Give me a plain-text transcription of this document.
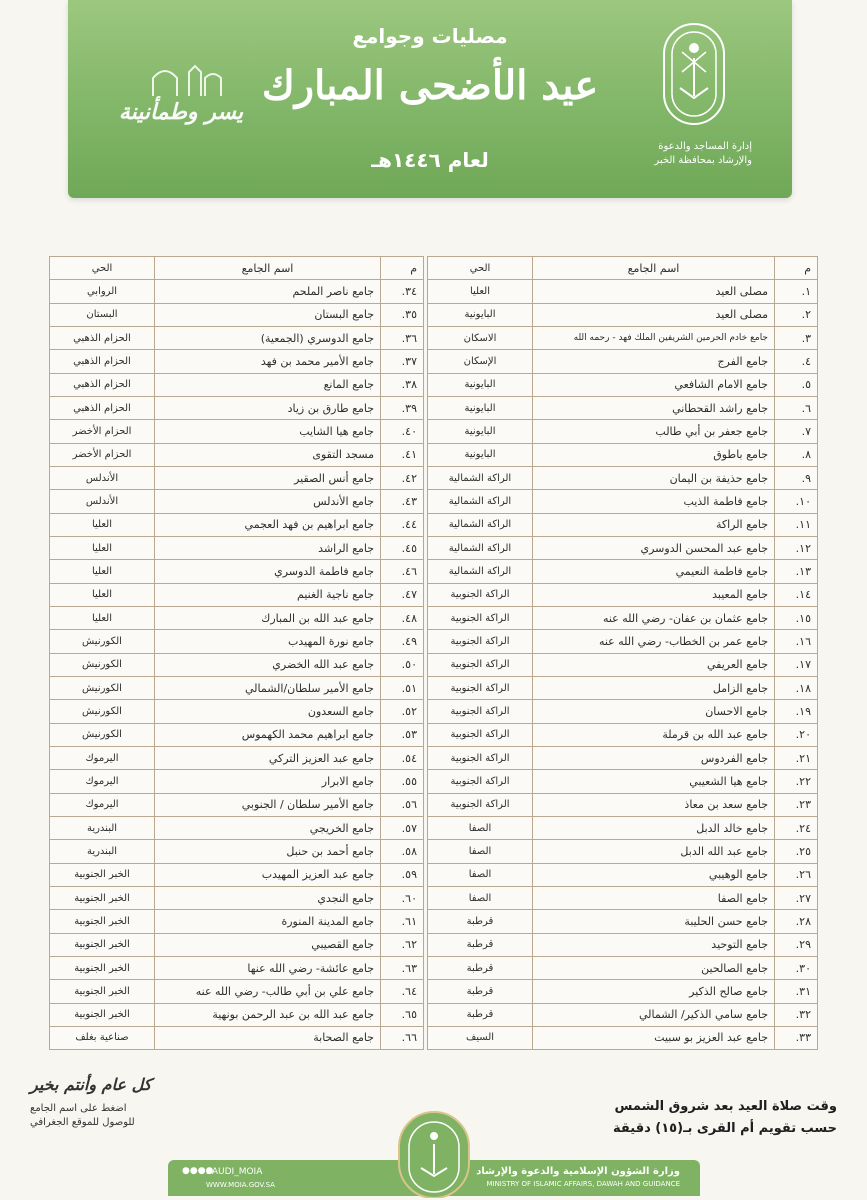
مصليات وجوامع
عيد الأضحى المبارك
لعام ١٤٤٦هـ
يسر وطمأنينة
إدارة المساجد والدعوة والإرشاد بمحافظة الخبر
م	اسم الجامع	الحي
١.	مصلى العيد	العليا
٢.	مصلى العيد	البايونية
٣.	جامع خادم الحرمين الشريفين الملك فهد - رحمه الله	الاسكان
٤.	جامع الفرج	الإسكان
٥.	جامع الامام الشافعي	البايونية
٦.	جامع راشد القحطاني	البايونية
٧.	جامع جعفر بن أبي طالب	البايونية
٨.	جامع باطوق	البايونية
٩.	جامع حذيفة بن اليمان	الراكة الشمالية
١٠.	جامع فاطمة الذيب	الراكة الشمالية
١١.	جامع الراكة	الراكة الشمالية
١٢.	جامع عبد المحسن الدوسري	الراكة الشمالية
١٣.	جامع فاطمة النعيمي	الراكة الشمالية
١٤.	جامع المعيبد	الراكة الجنوبية
١٥.	جامع عثمان بن عفان- رضي الله عنه	الراكة الجنوبية
١٦.	جامع عمر بن الخطاب- رضي الله عنه	الراكة الجنوبية
١٧.	جامع العريفي	الراكة الجنوبية
١٨.	جامع الزامل	الراكة الجنوبية
١٩.	جامع الاحسان	الراكة الجنوبية
٢٠.	جامع عبد الله بن قرملة	الراكة الجنوبية
٢١.	جامع الفردوس	الراكة الجنوبية
٢٢.	جامع هيا الشعيبي	الراكة الجنوبية
٢٣.	جامع سعد بن معاذ	الراكة الجنوبية
٢٤.	جامع خالد الدبل	الصفا
٢٥.	جامع عبد الله الدبل	الصفا
٢٦.	جامع الوهيبي	الصفا
٢٧.	جامع الصفا	الصفا
٢٨.	جامع حسن الحليبة	قرطبة
٢٩.	جامع التوحيد	قرطبة
٣٠.	جامع الصالحين	قرطبة
٣١.	جامع صالح الذكير	قرطبة
٣٢.	جامع سامي الذكير/ الشمالي	قرطبة
٣٣.	جامع عبد العزيز بو سبيت	السيف
م	اسم الجامع	الحي
٣٤.	جامع ناصر الملحم	الروابي
٣٥.	جامع البستان	البستان
٣٦.	جامع الدوسري (الجمعية)	الحزام الذهبي
٣٧.	جامع الأمير محمد بن فهد	الحزام الذهبي
٣٨.	جامع المانع	الحزام الذهبي
٣٩.	جامع طارق بن زياد	الحزام الذهبي
٤٠.	جامع هيا الشايب	الحزام الأخضر
٤١.	مسجد التقوى	الحزام الأخضر
٤٢.	جامع أنس الصقير	الأندلس
٤٣.	جامع الأندلس	الأندلس
٤٤.	جامع ابراهيم بن فهد العجمي	العليا
٤٥.	جامع الراشد	العليا
٤٦.	جامع فاطمة الدوسري	العليا
٤٧.	جامع ناجية الغنيم	العليا
٤٨.	جامع عبد الله بن المبارك	العليا
٤٩.	جامع نورة المهيدب	الكورنيش
٥٠.	جامع عبد الله الخضري	الكورنيش
٥١.	جامع الأمير سلطان/الشمالي	الكورنيش
٥٢.	جامع السعدون	الكورنيش
٥٣.	جامع ابراهيم محمد الكهموس	الكورنيش
٥٤.	جامع عبد العزيز التركي	اليرموك
٥٥.	جامع الابرار	اليرموك
٥٦.	جامع الأمير سلطان / الجنوبي	اليرموك
٥٧.	جامع الخريجي	البندرية
٥٨.	جامع أحمد بن حنبل	البندرية
٥٩.	جامع عبد العزيز المهيدب	الخبر الجنوبية
٦٠.	جامع النجدي	الخبر الجنوبية
٦١.	جامع المدينة المنورة	الخبر الجنوبية
٦٢.	جامع القصيبي	الخبر الجنوبية
٦٣.	جامع عائشة- رضي الله عنها	الخبر الجنوبية
٦٤.	جامع علي بن أبي طالب- رضي الله عنه	الخبر الجنوبية
٦٥.	جامع عبد الله بن عبد الرحمن بونهية	الخبر الجنوبية
٦٦.	جامع الصحابة	صناعية بغلف
وقت صلاة العيد بعد شروق الشمس
حسب تقويم أم القرى بـ(١٥) دقيقة
كل عام وأنتم بخير
اضغط على اسم الجامع
للوصول للموقع الجغرافي
وزارة الشؤون الإسلامية والدعوة والإرشاد
MINISTRY OF ISLAMIC AFFAIRS, DAWAH AND GUIDANCE
●●●●
SAUDI_MOIA
WWW.MOIA.GOV.SA
